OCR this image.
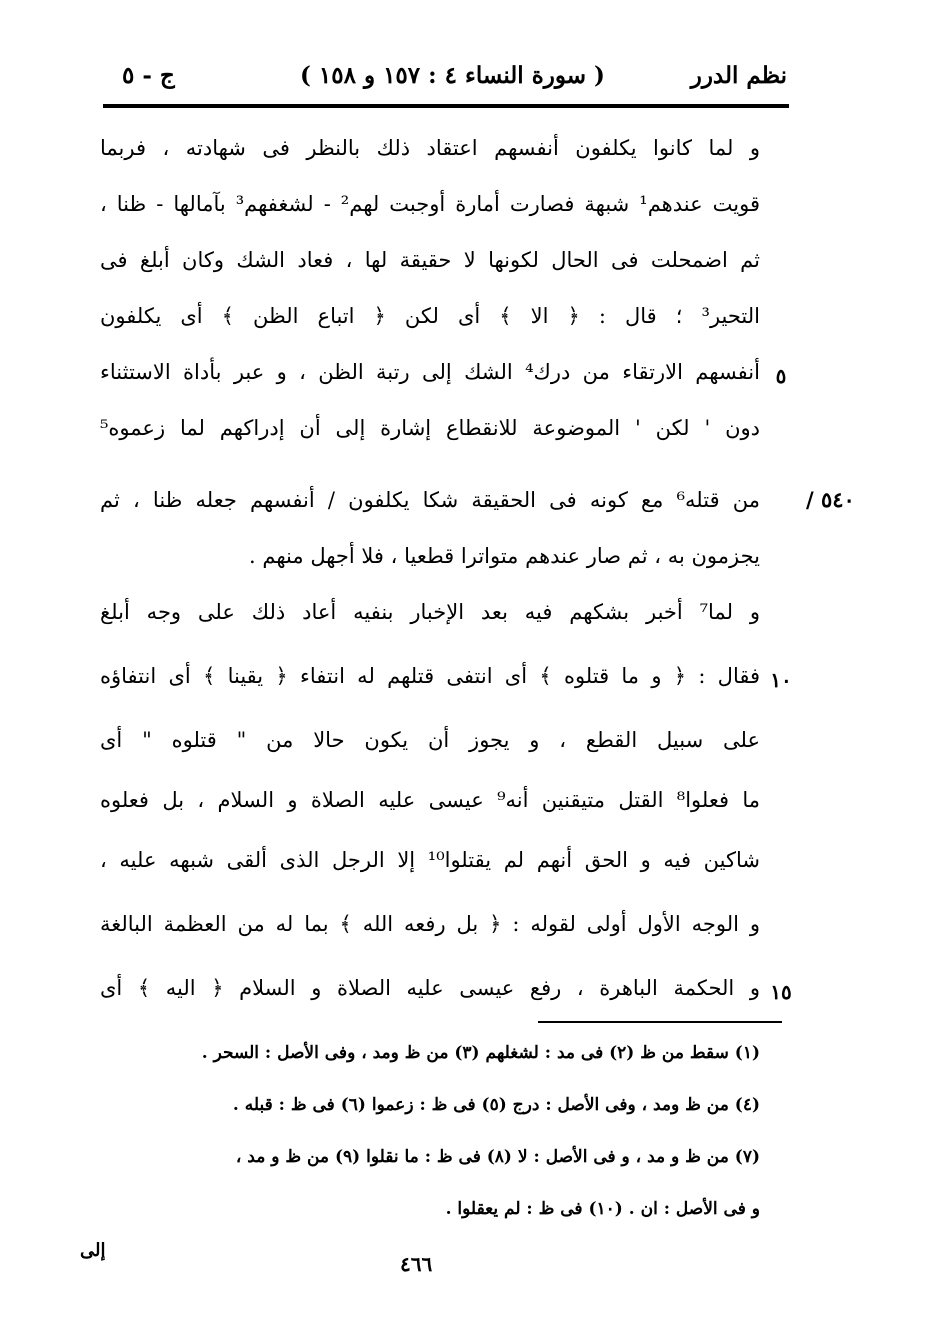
نظم الدرر
( سورة النساء ٤ : ١٥٧ و ١٥٨ )
ج - ٥
٥٤٠ /
و لما كانوا يكلفون أنفسهم اعتقاد ذلك بالنظر فى شهادته ، فربما
قويت عندهم¹ شبهة فصارت أمارة أوجبت لهم² - لشغفهم³ بآمالها - ظنا ،
ثم اضمحلت فى الحال لكونها لا حقيقة لها ، فعاد الشك وكان أبلغ فى
التحير³ ؛ قال : ﴿ الا ﴾ أى لكن ﴿ اتباع الظن ﴾ أى يكلفون
٥
أنفسهم الارتقاء من درك⁴ الشك إلى رتبة الظن ، و عبر بأداة الاستثناء
دون ' لكن ' الموضوعة للانقطاع إشارة إلى أن إدراكهم لما زعموه⁵
من قتله⁶ مع كونه فى الحقيقة شكا يكلفون / أنفسهم جعله ظنا ، ثم
يجزمون به ، ثم صار عندهم متواترا قطعيا ، فلا أجهل منهم .
و لما⁷ أخبر بشكهم فيه بعد الإخبار بنفيه أعاد ذلك على وجه أبلغ
١٠
فقال : ﴿ و ما قتلوه ﴾ أى انتفى قتلهم له انتفاء ﴿ يقينا ﴾ أى انتفاؤه
على سبيل القطع ، و يجوز أن يكون حالا من " قتلوه " أى
ما فعلوا⁸ القتل متيقنين أنه⁹ عيسى عليه الصلاة و السلام ، بل فعلوه
شاكين فيه و الحق أنهم لم يقتلوا¹⁰ إلا الرجل الذى ألقى شبهه عليه ،
و الوجه الأول أولى لقوله : ﴿ بل رفعه الله ﴾ بما له من العظمة البالغة
١٥
و الحكمة الباهرة ، رفع عيسى عليه الصلاة و السلام ﴿ اليه ﴾ أى
(١) سقط من ظ (٢) فى مد : لشغلهم (٣) من ظ ومد ، وفى الأصل : السحر .
(٤) من ظ ومد ، وفى الأصل : درج (٥) فى ظ : زعموا (٦) فى ظ : قبله .
(٧) من ظ و مد ، و فى الأصل : لا (٨) فى ظ : ما نقلوا (٩) من ظ و مد ،
و فى الأصل : ان . (١٠) فى ظ : لم يعقلوا .
إلى
٤٦٦
